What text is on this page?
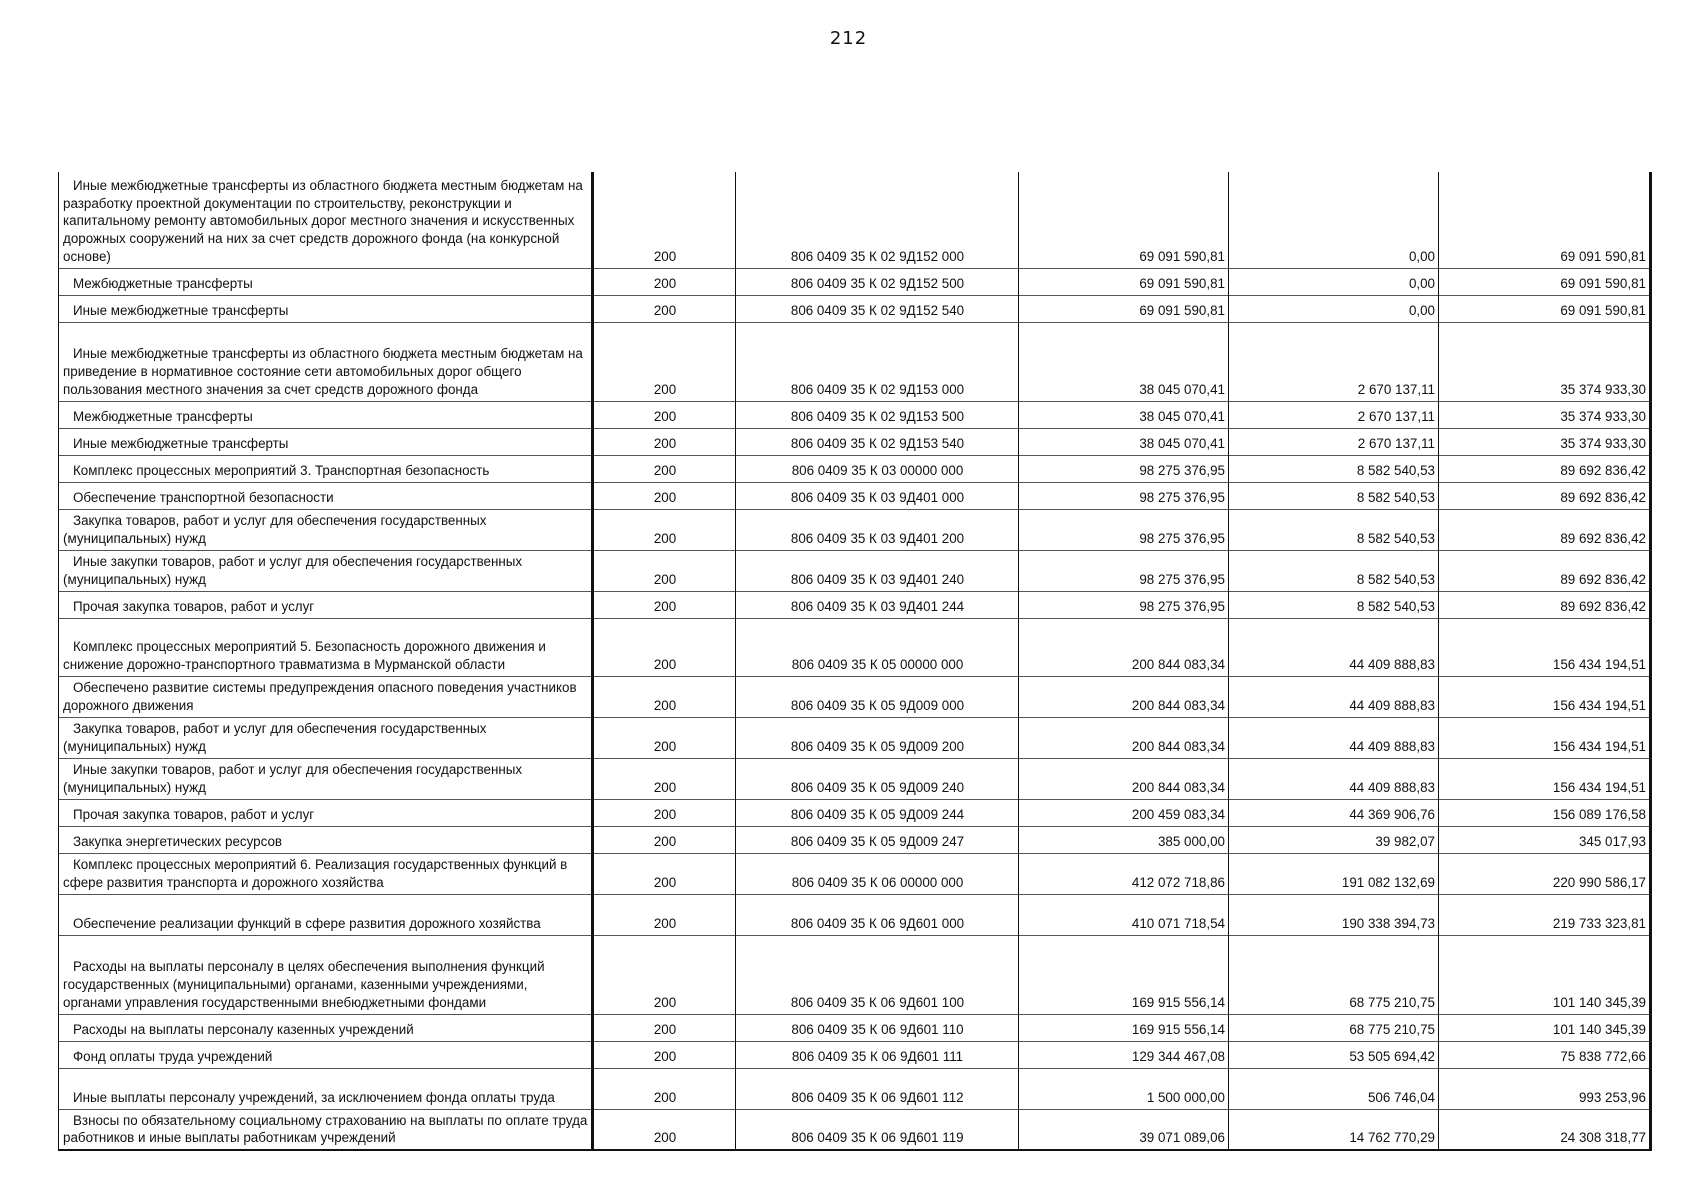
212
Иные межбюджетные трансферты из областного бюджета местным бюджетам на разработку проектной документации по строительству, реконструкции и капитальному ремонту автомобильных дорог местного значения и искусственных дорожных сооружений на них за счет средств дорожного фонда (на конкурсной основе)	200	806 0409 35 К 02 9Д152 000	69 091 590,81	0,00	69 091 590,81

Межбюджетные трансферты	200	806 0409 35 К 02 9Д152 500	69 091 590,81	0,00	69 091 590,81

Иные межбюджетные трансферты	200	806 0409 35 К 02 9Д152 540	69 091 590,81	0,00	69 091 590,81

Иные межбюджетные трансферты из областного бюджета местным бюджетам на приведение в нормативное состояние сети автомобильных дорог общего пользования местного значения за счет средств дорожного фонда	200	806 0409 35 К 02 9Д153 000	38 045 070,41	2 670 137,11	35 374 933,30

Межбюджетные трансферты	200	806 0409 35 К 02 9Д153 500	38 045 070,41	2 670 137,11	35 374 933,30

Иные межбюджетные трансферты	200	806 0409 35 К 02 9Д153 540	38 045 070,41	2 670 137,11	35 374 933,30

Комплекс процессных мероприятий 3. Транспортная безопасность	200	806 0409 35 К 03 00000 000	98 275 376,95	8 582 540,53	89 692 836,42

Обеспечение транспортной безопасности	200	806 0409 35 К 03 9Д401 000	98 275 376,95	8 582 540,53	89 692 836,42

Закупка товаров, работ и услуг для обеспечения государственных (муниципальных) нужд	200	806 0409 35 К 03 9Д401 200	98 275 376,95	8 582 540,53	89 692 836,42

Иные закупки товаров, работ и услуг для обеспечения государственных (муниципальных) нужд	200	806 0409 35 К 03 9Д401 240	98 275 376,95	8 582 540,53	89 692 836,42

Прочая закупка товаров, работ и услуг	200	806 0409 35 К 03 9Д401 244	98 275 376,95	8 582 540,53	89 692 836,42

Комплекс процессных мероприятий 5. Безопасность дорожного движения и снижение дорожно-транспортного травматизма в Мурманской области	200	806 0409 35 К 05 00000 000	200 844 083,34	44 409 888,83	156 434 194,51

Обеспечено развитие системы предупреждения опасного поведения участников дорожного движения	200	806 0409 35 К 05 9Д009 000	200 844 083,34	44 409 888,83	156 434 194,51

Закупка товаров, работ и услуг для обеспечения государственных (муниципальных) нужд	200	806 0409 35 К 05 9Д009 200	200 844 083,34	44 409 888,83	156 434 194,51

Иные закупки товаров, работ и услуг для обеспечения государственных (муниципальных) нужд	200	806 0409 35 К 05 9Д009 240	200 844 083,34	44 409 888,83	156 434 194,51

Прочая закупка товаров, работ и услуг	200	806 0409 35 К 05 9Д009 244	200 459 083,34	44 369 906,76	156 089 176,58

Закупка энергетических ресурсов	200	806 0409 35 К 05 9Д009 247	385 000,00	39 982,07	345 017,93

Комплекс процессных мероприятий 6. Реализация государственных функций в сфере развития транспорта и дорожного хозяйства	200	806 0409 35 К 06 00000 000	412 072 718,86	191 082 132,69	220 990 586,17

Обеспечение реализации функций в сфере развития дорожного хозяйства	200	806 0409 35 К 06 9Д601 000	410 071 718,54	190 338 394,73	219 733 323,81

Расходы на выплаты персоналу в целях обеспечения выполнения функций государственных (муниципальными) органами, казенными учреждениями, органами управления государственными внебюджетными фондами	200	806 0409 35 К 06 9Д601 100	169 915 556,14	68 775 210,75	101 140 345,39

Расходы на выплаты персоналу казенных учреждений	200	806 0409 35 К 06 9Д601 110	169 915 556,14	68 775 210,75	101 140 345,39

Фонд оплаты труда учреждений	200	806 0409 35 К 06 9Д601 111	129 344 467,08	53 505 694,42	75 838 772,66

Иные выплаты персоналу учреждений, за исключением фонда оплаты труда	200	806 0409 35 К 06 9Д601 112	1 500 000,00	506 746,04	993 253,96

Взносы по обязательному социальному страхованию на выплаты по оплате труда работников и иные выплаты работникам учреждений	200	806 0409 35 К 06 9Д601 119	39 071 089,06	14 762 770,29	24 308 318,77
